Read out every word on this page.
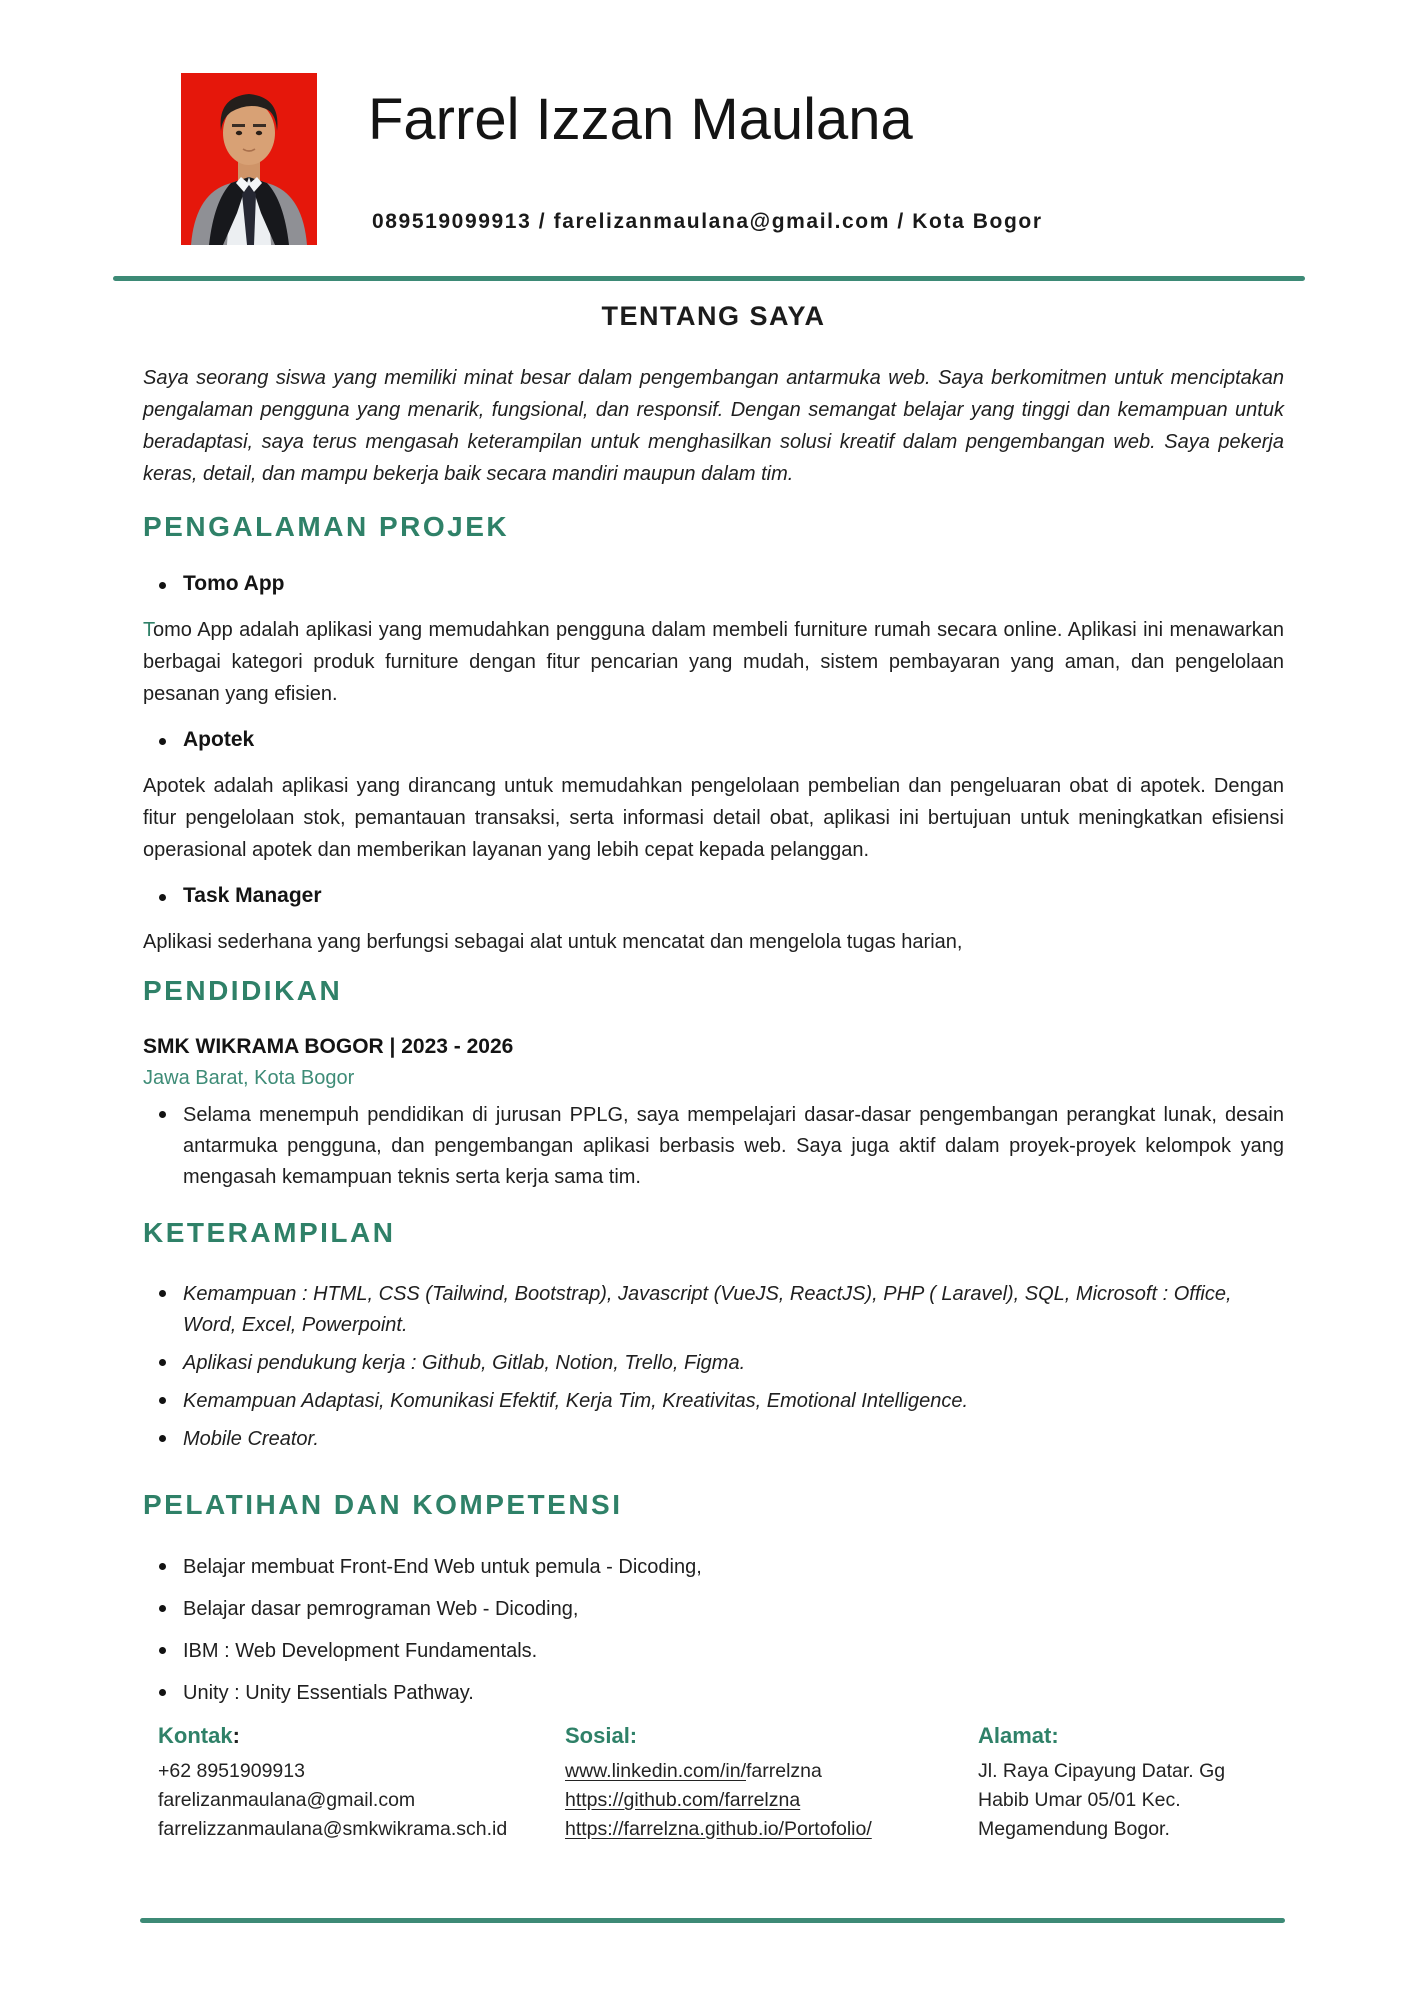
Farrel Izzan Maulana
089519099913 / farelizanmaulana@gmail.com / Kota Bogor
TENTANG SAYA

Saya seorang siswa yang memiliki minat besar dalam pengembangan antarmuka web. Saya berkomitmen untuk menciptakan pengalaman pengguna yang menarik, fungsional, dan responsif. Dengan semangat belajar yang tinggi dan kemampuan untuk beradaptasi, saya terus mengasah keterampilan untuk menghasilkan solusi kreatif dalam pengembangan web. Saya pekerja keras, detail, dan mampu bekerja baik secara mandiri maupun dalam tim.

PENGALAMAN PROJEK
Tomo App

Tomo App adalah aplikasi yang memudahkan pengguna dalam membeli furniture rumah secara online. Aplikasi ini menawarkan berbagai kategori produk furniture dengan fitur pencarian yang mudah, sistem pembayaran yang aman, dan pengelolaan pesanan yang efisien.

Apotek

Apotek adalah aplikasi yang dirancang untuk memudahkan pengelolaan pembelian dan pengeluaran obat di apotek. Dengan fitur pengelolaan stok, pemantauan transaksi, serta informasi detail obat, aplikasi ini bertujuan untuk meningkatkan efisiensi operasional apotek dan memberikan layanan yang lebih cepat kepada pelanggan.

Task Manager

Aplikasi sederhana yang berfungsi sebagai alat untuk mencatat dan mengelola tugas harian,

PENDIDIKAN
SMK WIKRAMA BOGOR | 2023 - 2026
Jawa Barat, Kota Bogor
Selama menempuh pendidikan di jurusan PPLG, saya mempelajari dasar-dasar pengembangan perangkat lunak, desain antarmuka pengguna, dan pengembangan aplikasi berbasis web. Saya juga aktif dalam proyek-proyek kelompok yang mengasah kemampuan teknis serta kerja sama tim.
KETERAMPILAN
Kemampuan : HTML, CSS (Tailwind, Bootstrap), Javascript (VueJS, ReactJS), PHP ( Laravel), SQL, Microsoft : Office, Word, Excel, Powerpoint.
Aplikasi pendukung kerja : Github, Gitlab, Notion, Trello, Figma.
Kemampuan Adaptasi, Komunikasi Efektif, Kerja Tim, Kreativitas, Emotional Intelligence.
Mobile Creator.
PELATIHAN DAN KOMPETENSI
Belajar membuat Front-End Web untuk pemula - Dicoding,
Belajar dasar pemrograman Web - Dicoding,
IBM : Web Development Fundamentals.
Unity : Unity Essentials Pathway.
Kontak:
+62 8951909913
farelizanmaulana@gmail.com
farrelizzanmaulana@smkwikrama.sch.id
Sosial:
www.linkedin.com/in/farrelzna
https://github.com/farrelzna
https://farrelzna.github.io/Portofolio/
Alamat:
Jl. Raya Cipayung Datar. Gg Habib Umar 05/01 Kec. Megamendung Bogor.
